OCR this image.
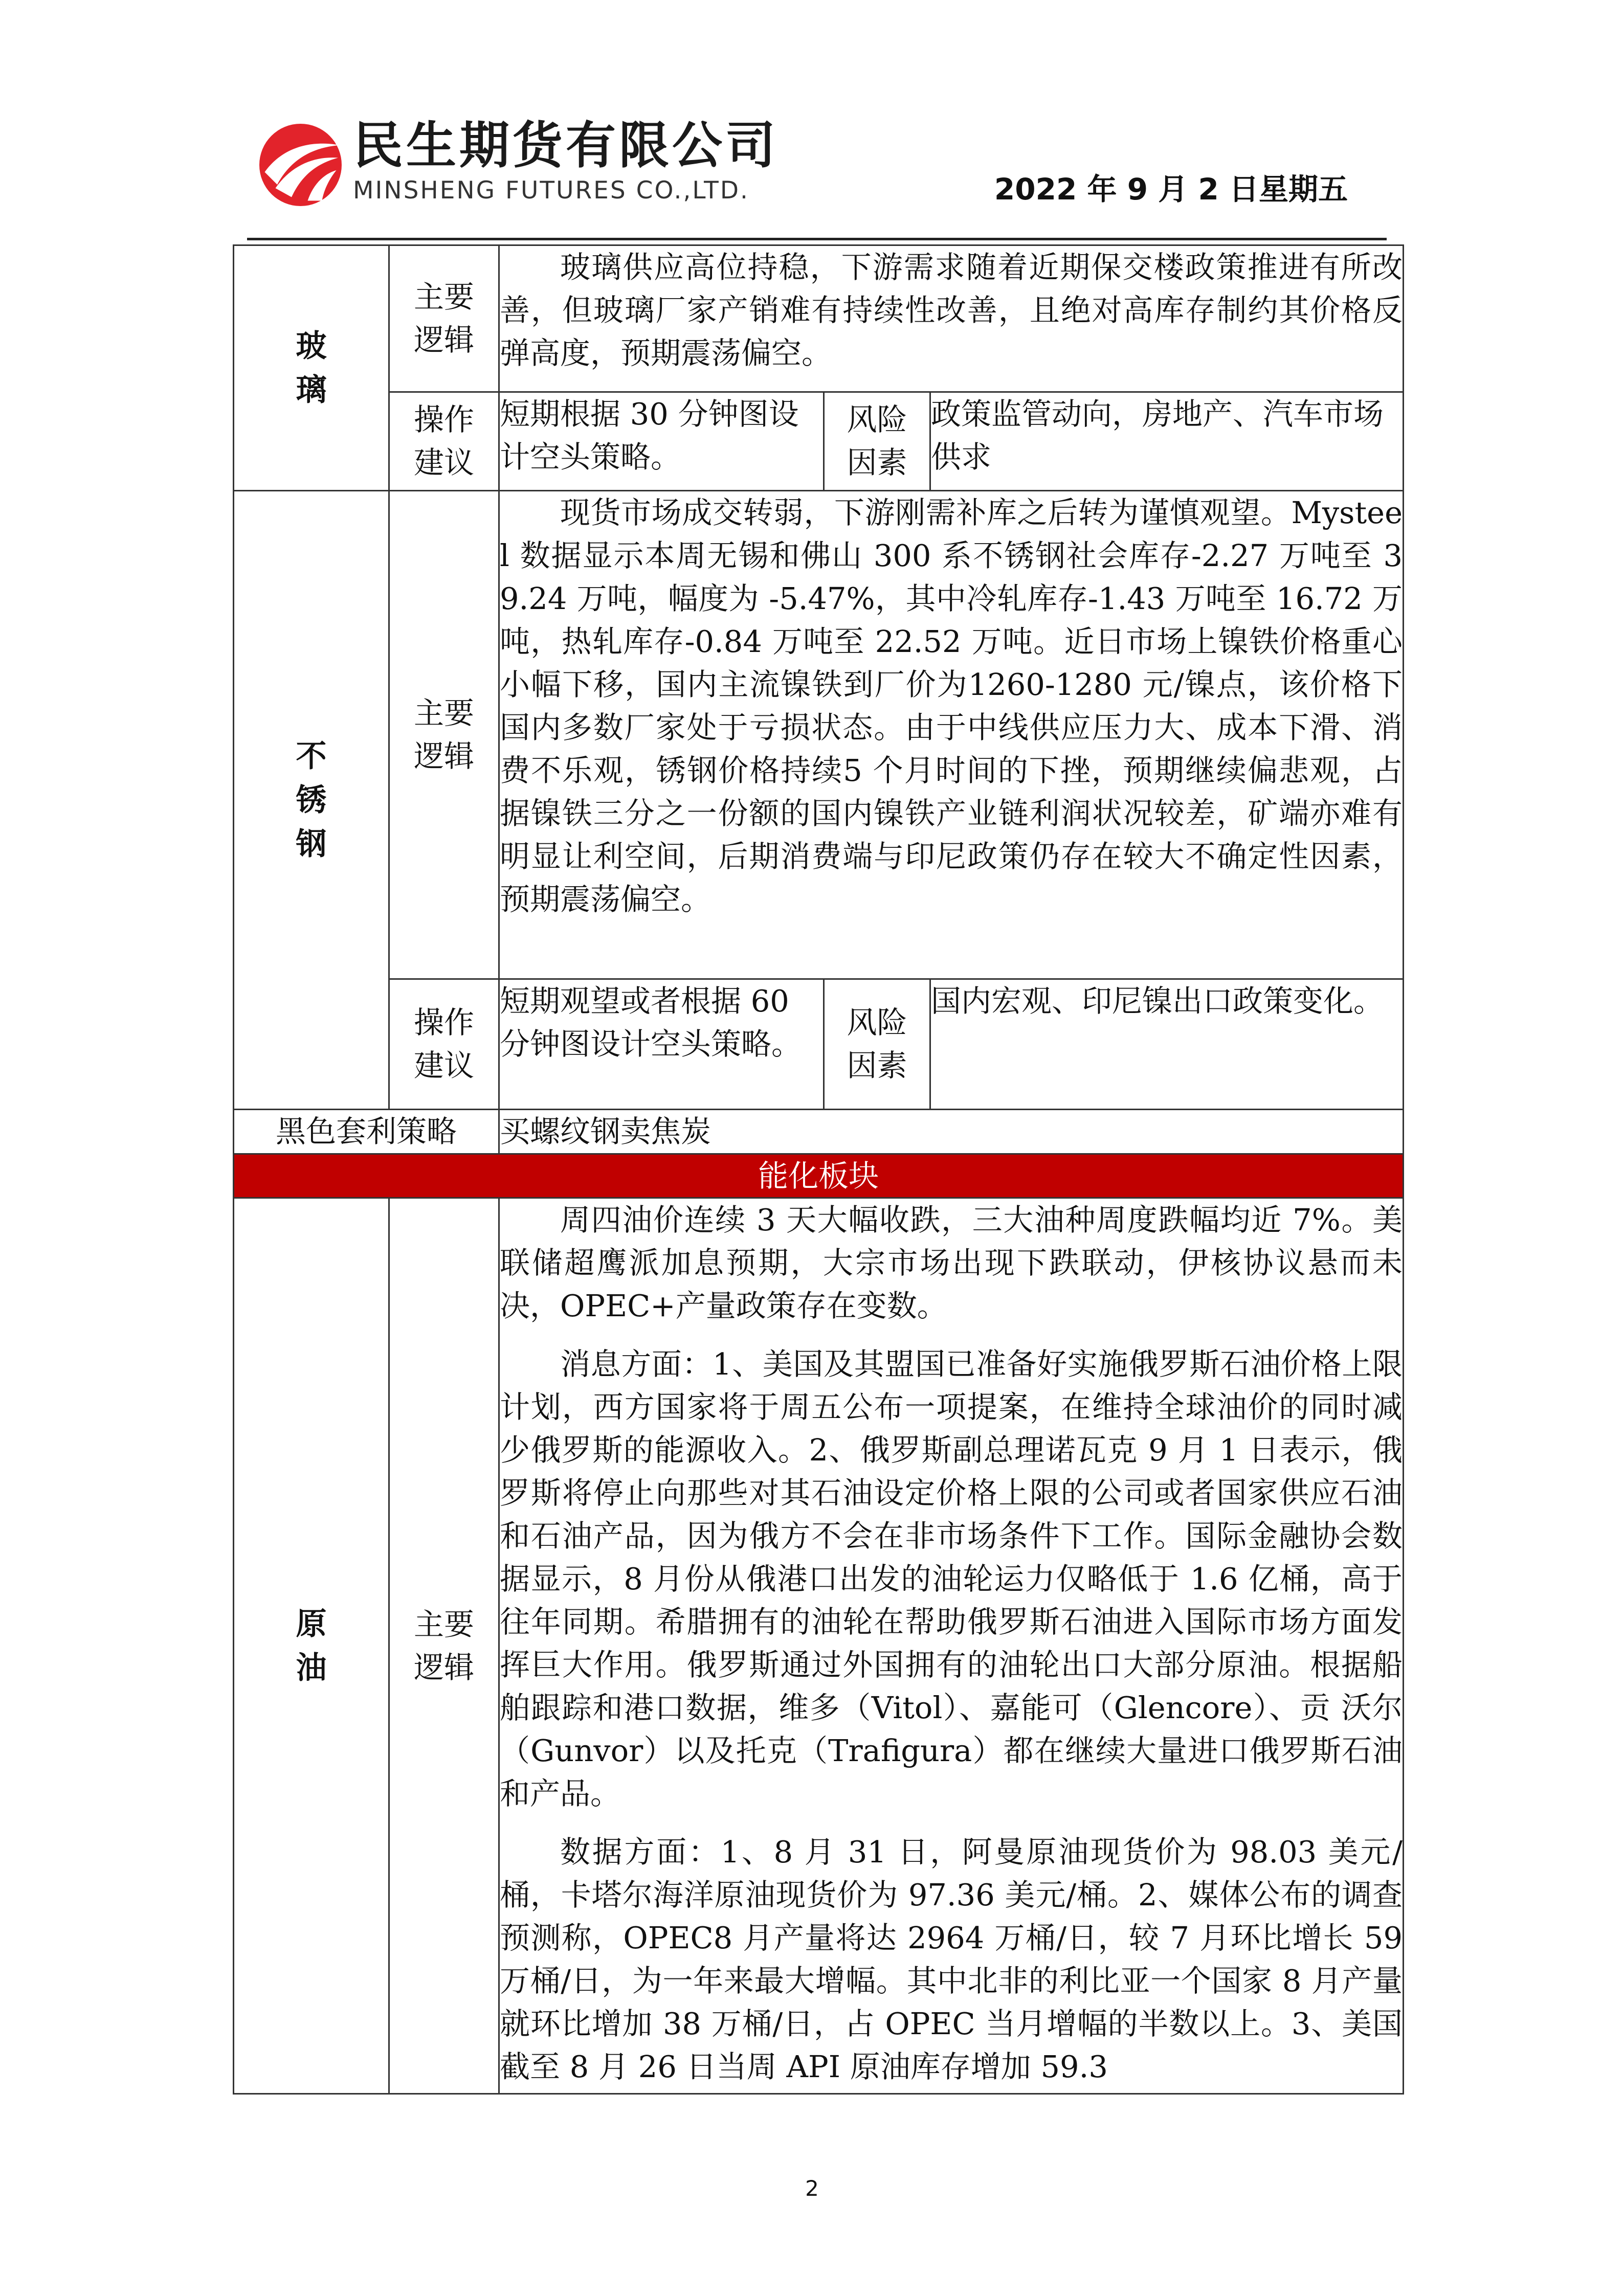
民生期货有限公司
MINSHENG FUTURES CO.,LTD.	2022 年 9 月 2 日星期五
玻璃	主要逻辑	玻璃供应高位持稳，下游需求随着近期保交楼政策推进有所改善，但玻璃厂家产销难有持续性改善，且绝对高库存制约其价格反弹高度，预期震荡偏空。		

	操作建议	短期根据 30 分钟图设计空头策略。	风险因素	政策监管动向，房地产、汽车市场供求

不锈钢	主要逻辑	现货市场成交转弱，下游刚需补库之后转为谨慎观望。Mysteel 数据显示本周无锡和佛山 300 系不锈钢社会库存-2.27 万吨至 39.24 万吨，幅度为 -5.47%，其中冷轧库存-1.43 万吨至 16.72 万吨，热轧库存-0.84 万吨至 22.52 万吨。近日市场上镍铁价格重心小幅下移，国内主流镍铁到厂价为1260-1280 元/镍点，该价格下国内多数厂家处于亏损状态。由于中线供应压力大、成本下滑、消费不乐观，锈钢价格持续5 个月时间的下挫，预期继续偏悲观，占据镍铁三分之一份额的国内镍铁产业链利润状况较差，矿端亦难有明显让利空间，后期消费端与印尼政策仍存在较大不确定性因素，预期震荡偏空。		

	操作建议	短期观望或者根据 60 分钟图设计空头策略。	风险因素	国内宏观、印尼镍出口政策变化。
黑色套利策略		买螺纹钢卖焦炭		
能化板块				

原油	主要逻辑	周四油价连续 3 天大幅收跌，三大油种周度跌幅均近 7%。美联储超鹰派加息预期，大宗市场出现下跌联动，伊核协议悬而未决，OPEC+产量政策存在变数。

消息方面：1、美国及其盟国已准备好实施俄罗斯石油价格上限计划，西方国家将于周五公布一项提案，在维持全球油价的同时减少俄罗斯的能源收入。2、俄罗斯副总理诺瓦克 9 月 1 日表示，俄罗斯将停止向那些对其石油设定价格上限的公司或者国家供应石油和石油产品，因为俄方不会在非市场条件下工作。国际金融协会数据显示，8 月份从俄港口出发的油轮运力仅略低于 1.6 亿桶，高于往年同期。希腊拥有的油轮在帮助俄罗斯石油进入国际市场方面发挥巨大作用。俄罗斯通过外国拥有的油轮出口大部分原油。根据船舶跟踪和港口数据，维多（Vitol）、嘉能可（Glencore）、贡 沃尔（Gunvor）以及托克（Trafigura）都在继续大量进口俄罗斯石油 和产品。

数据方面：1、8 月 31 日，阿曼原油现货价为 98.03 美元/桶，卡塔尔海洋原油现货价为 97.36 美元/桶。2、媒体公布的调查预测称，OPEC8 月产量将达 2964 万桶/日，较 7 月环比增长 59 万桶/日，为一年来最大增幅。其中北非的利比亚一个国家 8 月产量就环比增加 38 万桶/日，占 OPEC 当月增幅的半数以上。3、美国截至 8 月 26 日当周 API 原油库存增加 59.3		

2
